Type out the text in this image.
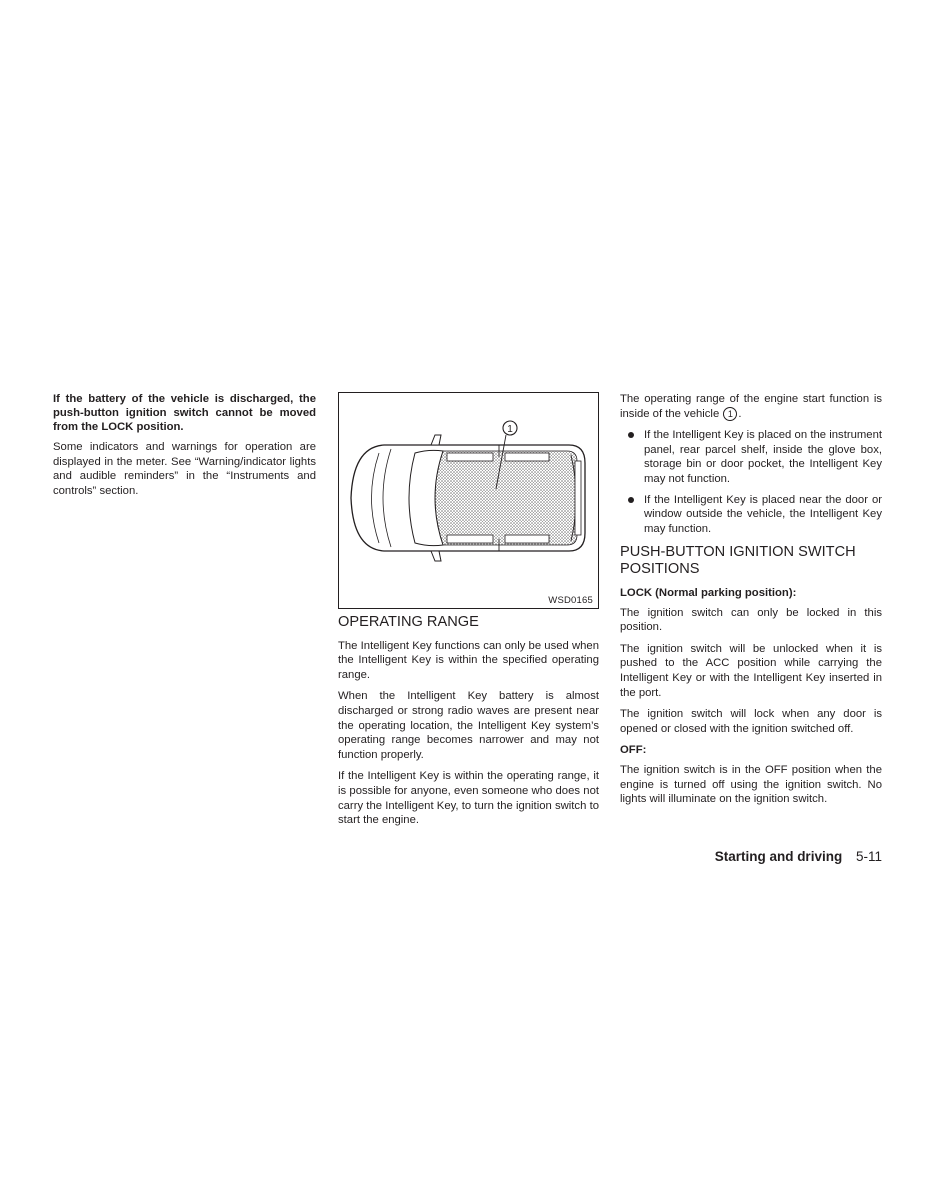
If the battery of the vehicle is discharged, the push-button ignition switch cannot be moved from the LOCK position.

Some indicators and warnings for operation are displayed in the meter. See “Warning/indicator lights and audible reminders” in the “Instruments and controls” section.

1
WSD0165
OPERATING RANGE

The Intelligent Key functions can only be used when the Intelligent Key is within the specified operating range.

When the Intelligent Key battery is almost discharged or strong radio waves are present near the operating location, the Intelligent Key system’s operating range becomes narrower and may not function properly.

If the Intelligent Key is within the operating range, it is possible for anyone, even someone who does not carry the Intelligent Key, to turn the ignition switch to start the engine.

The operating range of the engine start function is inside of the vehicle 1 .

If the Intelligent Key is placed on the instrument panel, rear parcel shelf, inside the glove box, storage bin or door pocket, the Intelligent Key may not function.
If the Intelligent Key is placed near the door or window outside the vehicle, the Intelligent Key may function.
PUSH-BUTTON IGNITION SWITCH POSITIONS

LOCK (Normal parking position):

The ignition switch can only be locked in this position.

The ignition switch will be unlocked when it is pushed to the ACC position while carrying the Intelligent Key or with the Intelligent Key inserted in the port.

The ignition switch will lock when any door is opened or closed with the ignition switched off.

OFF:

The ignition switch is in the OFF position when the engine is turned off using the ignition switch. No lights will illuminate on the ignition switch.

Starting and driving 5-11
